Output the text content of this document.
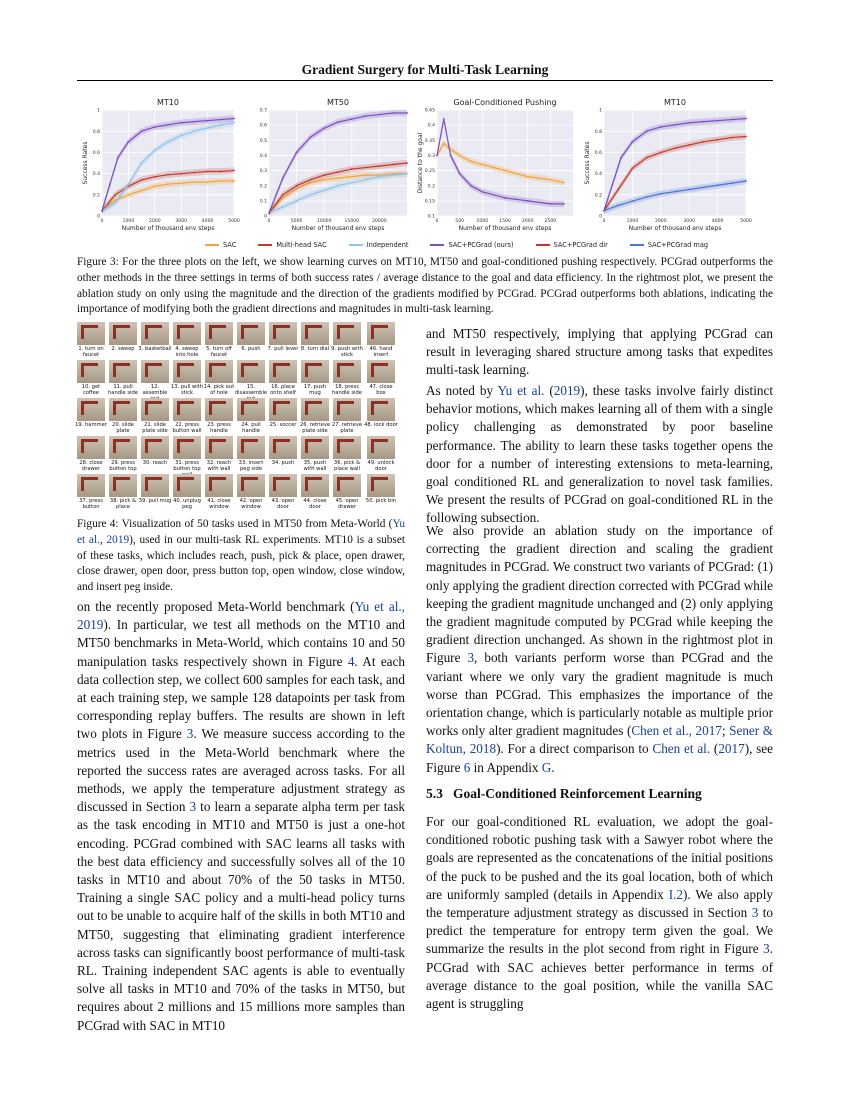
Gradient Surgery for Multi-Task Learning
0
0.2
0.4
0.6
0.8
1
0	1000	2000	3000	4000	5000
MT10
Number of thousand env steps
Success Rates
0
0.1
0.2
0.3
0.4
0.5
0.6
0.7
0	5000	10000	15000	20000
MT50
Number of thousand env steps
0.1
0.15
0.2
0.25
0.3
0.35
0.4
0.45
0	500	1000 1500 2000 2500
Goal-Conditioned Pushing
Number of thousand env steps
Distance to the goal
0
0.2
0.4
0.6
0.8
1
0	1000	2000	3000	4000	5000
MT10
Number of thousand env steps
Success Rates
SAC	Multi-head SAC	Independent	SAC+PCGrad (ours)	SAC+PCGrad dir	SAC+PCGrad mag
Figure 3: For the three plots on the left, we show learning curves on MT10, MT50 and goal-conditioned pushing respectively. PCGrad outperforms the other methods in the three settings in terms of both success rates / average distance to the goal and data efficiency. In the rightmost plot, we present the ablation study on only using the magnitude and the direction of the gradients modified by PCGrad. PCGrad outperforms both ablations, indicating the importance of modifying both the gradient directions and magnitudes in multi-task learning.
1. turn on faucet
2. sweep 3. basketball 4. sweep into hole
5. turn off faucet
6. push	7. pull lever 8. turn dial 9. push with stick
10. get coffee
11. pull handle side
12. assemble
13. pull with stick
14. pick out of hole
15. disassemble
16. place onto shelf
17. push mug
18. press handle side
19. hammer 20. slide plate
21. slide plate side
22. press button wall
23. press handle
24. pull handle
25. soccer 26. retrieve plate side
27. retrieve plate
28. close drawer
29. press button top
30. reach	31. press button top
32. reach with wall
33. insert peg side
34. push	35. push with wall
36. pick & place wall
37. press button
38. pick & place
39. pull mug 40. unplug peg
41. close window
42. open window
43. open door
44. close door
45. open drawer
46. hand insert
47. close box
48. lock door
49. unlock door
50. pick bin
Figure 4: Visualization of 50 tasks used in MT50 from Meta-World (Yu et al., 2019), used in our multi-task RL experiments. MT10 is a subset of these tasks, which includes reach, push, pick & place, open drawer, close drawer, open door, press button top, open window, close window, and insert peg inside.
on the recently proposed Meta-World benchmark (Yu et al., 2019). In particular, we test all methods on the MT10 and MT50 benchmarks in Meta-World, which contains 10 and 50 manipulation tasks respectively shown in Figure 4. At each data collection step, we collect 600 samples for each task, and at each training step, we sample 128 datapoints per task from corresponding replay buffers. The results are shown in left two plots in Figure 3. We measure success according to the metrics used in the Meta-World benchmark where the reported the success rates are averaged across tasks. For all methods, we apply the temperature adjustment strategy as discussed in Section 3 to learn a separate alpha term per task as the task encoding in MT10 and MT50 is just a one-hot encoding. PCGrad combined with SAC learns all tasks with the best data efficiency and successfully solves all of the 10 tasks in MT10 and about 70% of the 50 tasks in MT50. Training a single SAC policy and a multi-head policy turns out to be unable to acquire half of the skills in both MT10 and MT50, suggesting that eliminating gradient interference across tasks can significantly boost performance of multi-task RL. Training independent SAC agents is able to eventually solve all tasks in MT10 and 70% of the tasks in MT50, but requires about 2 millions and 15 millions more samples than PCGrad with SAC in MT10
and MT50 respectively, implying that applying PCGrad can result in leveraging shared structure among tasks that expedites multi-task learning.
As noted by Yu et al. (2019), these tasks involve fairly distinct behavior motions, which makes learning all of them with a single policy challenging as demonstrated by poor baseline performance. The ability to learn these tasks together opens the door for a number of interesting extensions to meta-learning, goal conditioned RL and generalization to novel task families. We present the results of PCGrad on goal-conditioned RL in the following subsection.
We also provide an ablation study on the importance of correcting the gradient direction and scaling the gradient magnitudes in PCGrad. We construct two variants of PCGrad: (1) only applying the gradient direction corrected with PCGrad while keeping the gradient magnitude unchanged and (2) only applying the gradient magnitude computed by PCGrad while keeping the gradient direction unchanged. As shown in the rightmost plot in Figure 3, both variants perform worse than PCGrad and the variant where we only vary the gradient magnitude is much worse than PCGrad. This emphasizes the importance of the orientation change, which is particularly notable as multiple prior works only alter gradient magnitudes (Chen et al., 2017; Sener & Koltun, 2018). For a direct comparison to Chen et al. (2017), see Figure 6 in Appendix G.
5.3   Goal-Conditioned Reinforcement Learning
For our goal-conditioned RL evaluation, we adopt the goal-conditioned robotic pushing task with a Sawyer robot where the goals are represented as the concatenations of the initial positions of the puck to be pushed and the its goal location, both of which are uniformly sampled (details in Appendix I.2). We also apply the temperature adjustment strategy as discussed in Section 3 to predict the temperature for entropy term given the goal. We summarize the results in the plot second from right in Figure 3. PCGrad with SAC achieves better performance in terms of average distance to the goal position, while the vanilla SAC agent is struggling
